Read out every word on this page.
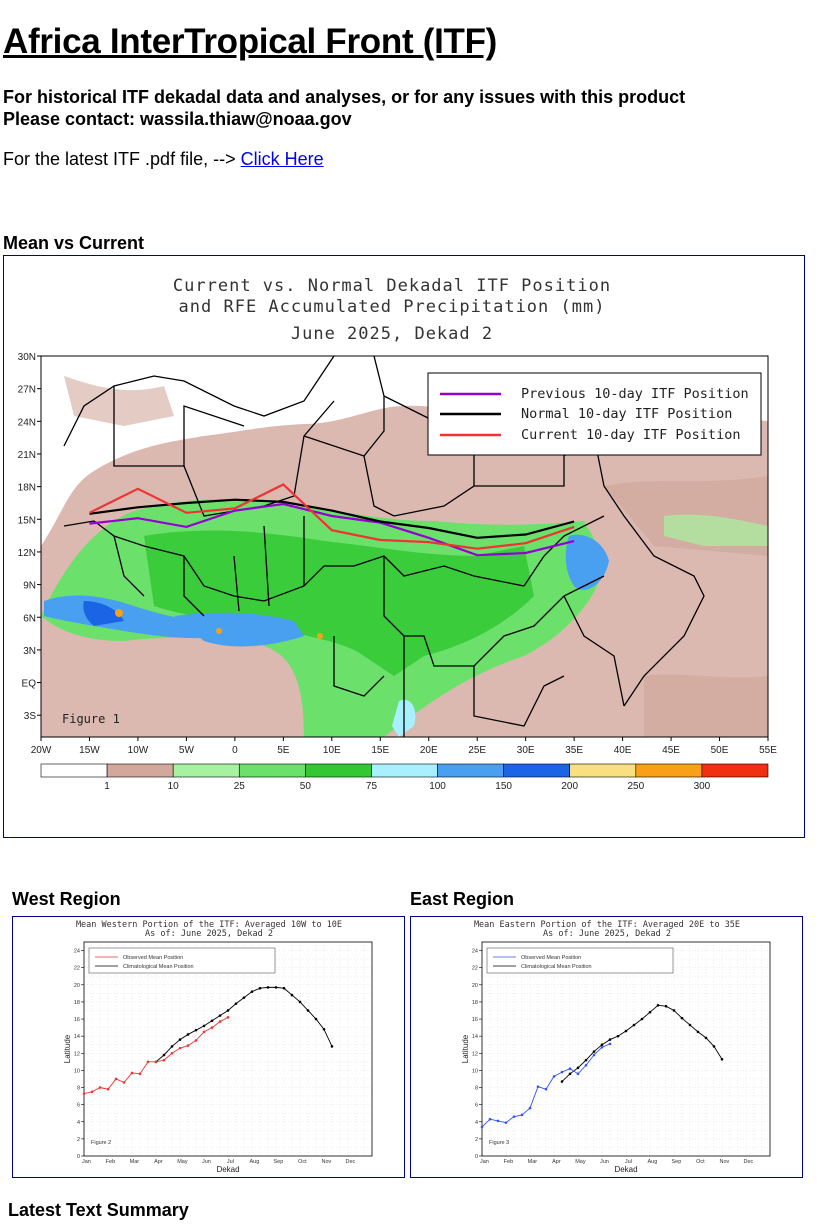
Africa InterTropical Front (ITF)
For historical ITF dekadal data and analyses, or for any issues with this product
Please contact: wassila.thiaw@noaa.gov
For the latest ITF .pdf file, --> Click Here
Mean vs Current
Current vs. Normal Dekadal ITF Position
and RFE Accumulated Precipitation (mm)
June 2025, Dekad 2
Previous 10-day ITF Position
Normal 10-day ITF Position
Current 10-day ITF Position
Figure 1
30N
27N
24N
21N
18N
15N
12N
9N
6N
3N
EQ
3S
20W	15W	10W	5W	0	5E	10E	15E	20E	25E	30E	35E	40E	45E	50E	55E
1	10	25	50	75	100	150	200	250	300
West Region	East Region
Mean Western Portion of the ITF: Averaged 10W to 10E
As of: June 2025, Dekad 2
0
2
4
6
8
10
12
14
16
18
20
22
24
Jan	Feb	Mar	Apr	May	Jun	Jul	Aug	Sep	Oct	Nov	Dec
Latitude
Dekad
Figure 2
Observed Mean Position
Climatological Mean Position
Mean Eastern Portion of the ITF: Averaged 20E to 35E
As of: June 2025, Dekad 2
0
2
4
6
8
10
12
14
16
18
20
22
24
Jan	Feb	Mar	Apr	May	Jun	Jul	Aug	Sep	Oct	Nov	Dec
Latitude
Dekad
Figure 3
Observed Mean Position
Climatological Mean Position
Latest Text Summary
